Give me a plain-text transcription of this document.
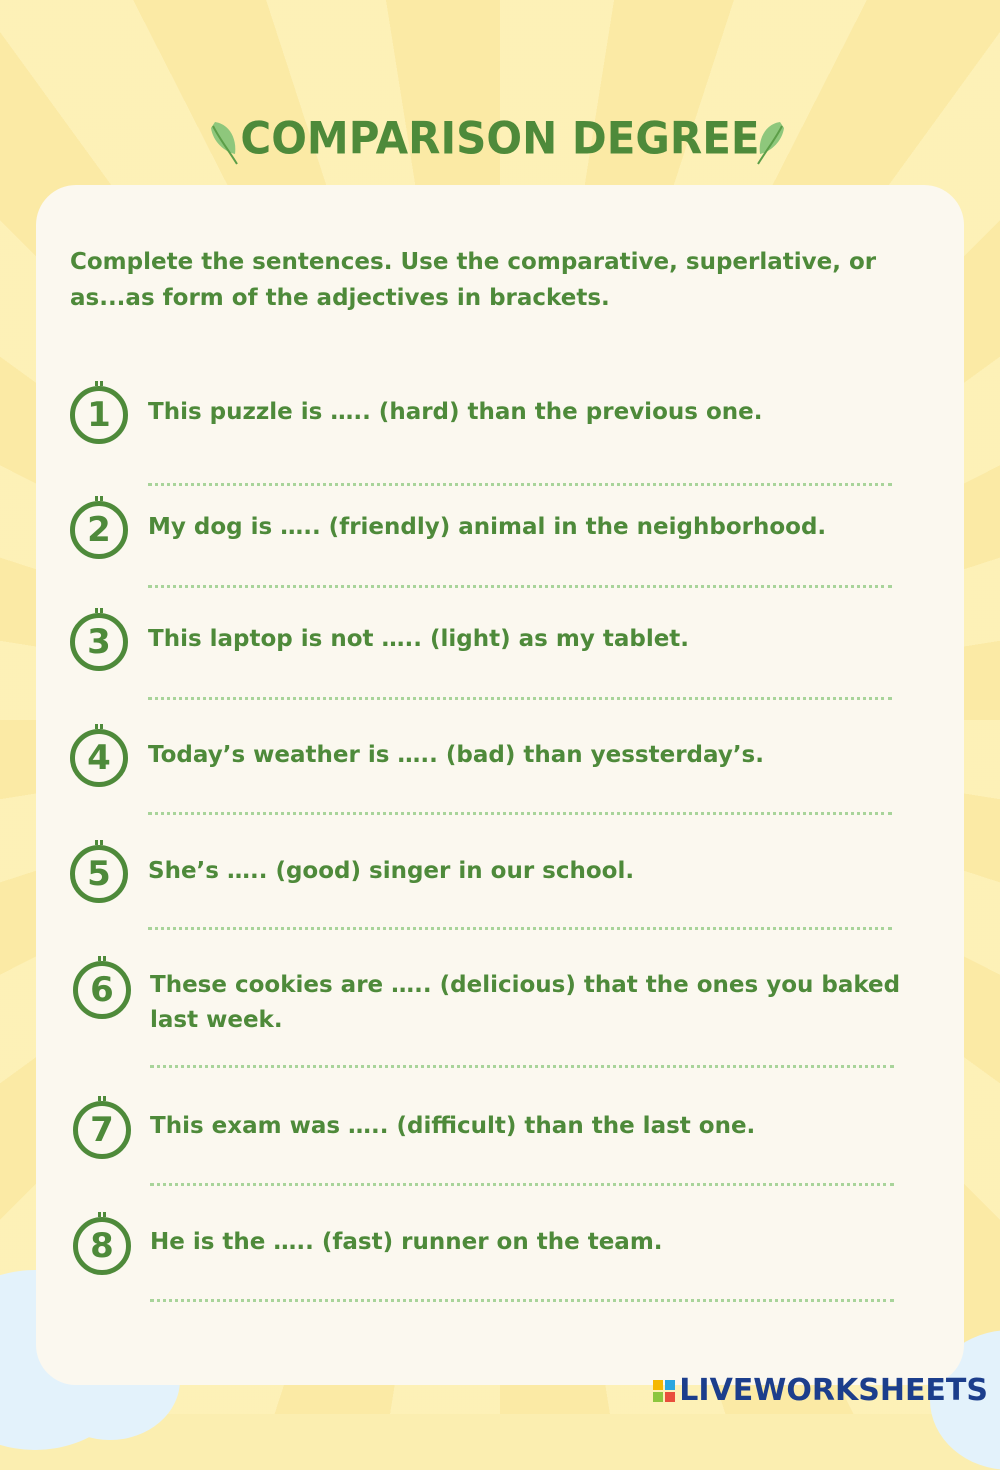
COMPARISON DEGREE
Complete the sentences. Use the comparative, superlative, or as...as form of the adjectives in brackets.
1	This puzzle is ….. (hard) than the previous one.
2	My dog is ….. (friendly) animal in the neighborhood.
3	This laptop is not ….. (light) as my tablet.
4	Today’s weather is ….. (bad) than yessterday’s.
5	She’s ….. (good) singer in our school.
6	These cookies are ….. (delicious) that the ones you baked last week.
7	This exam was ….. (difficult) than the last one.
8	He is the ….. (fast) runner on the team.
LIVEWORKSHEETS
